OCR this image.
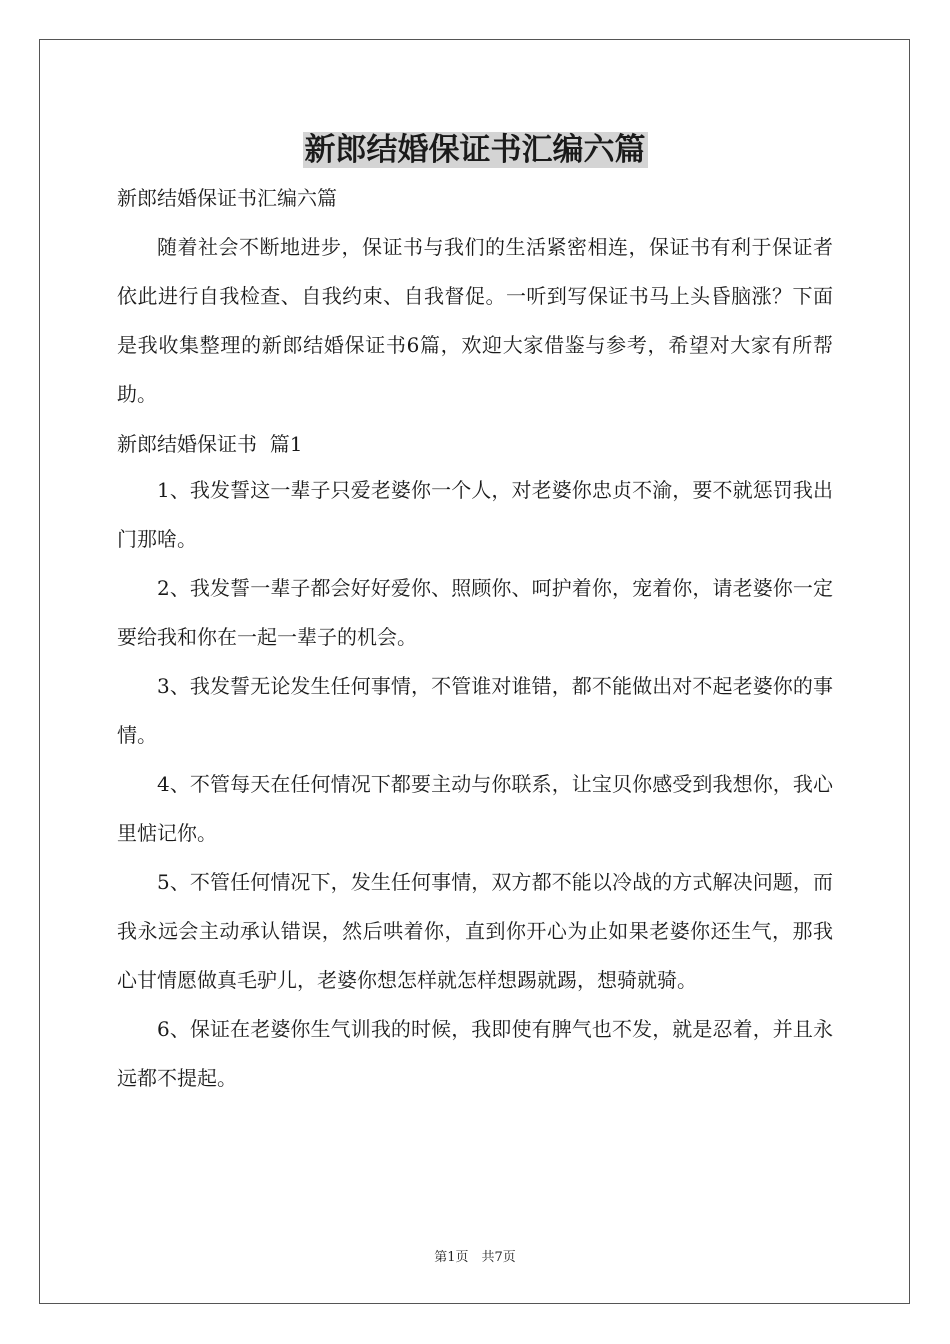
新郎结婚保证书汇编六篇

新郎结婚保证书汇编六篇

随着社会不断地进步，保证书与我们的生活紧密相连，保证书有利于保证者依此进行自我检查、自我约束、自我督促。一听到写保证书马上头昏脑涨？下面是我收集整理的新郎结婚保证书6篇，欢迎大家借鉴与参考，希望对大家有所帮助。

新郎结婚保证书  篇1

1、我发誓这一辈子只爱老婆你一个人，对老婆你忠贞不渝，要不就惩罚我出门那啥。

2、我发誓一辈子都会好好爱你、照顾你、呵护着你，宠着你，请老婆你一定要给我和你在一起一辈子的机会。

3、我发誓无论发生任何事情，不管谁对谁错，都不能做出对不起老婆你的事情。

4、不管每天在任何情况下都要主动与你联系，让宝贝你感受到我想你，我心里惦记你。

5、不管任何情况下，发生任何事情，双方都不能以冷战的方式解决问题，而我永远会主动承认错误，然后哄着你，直到你开心为止如果老婆你还生气，那我心甘情愿做真毛驴儿，老婆你想怎样就怎样想踢就踢，想骑就骑。

6、保证在老婆你生气训我的时候，我即使有脾气也不发，就是忍着，并且永远都不提起。

第1页　共7页
